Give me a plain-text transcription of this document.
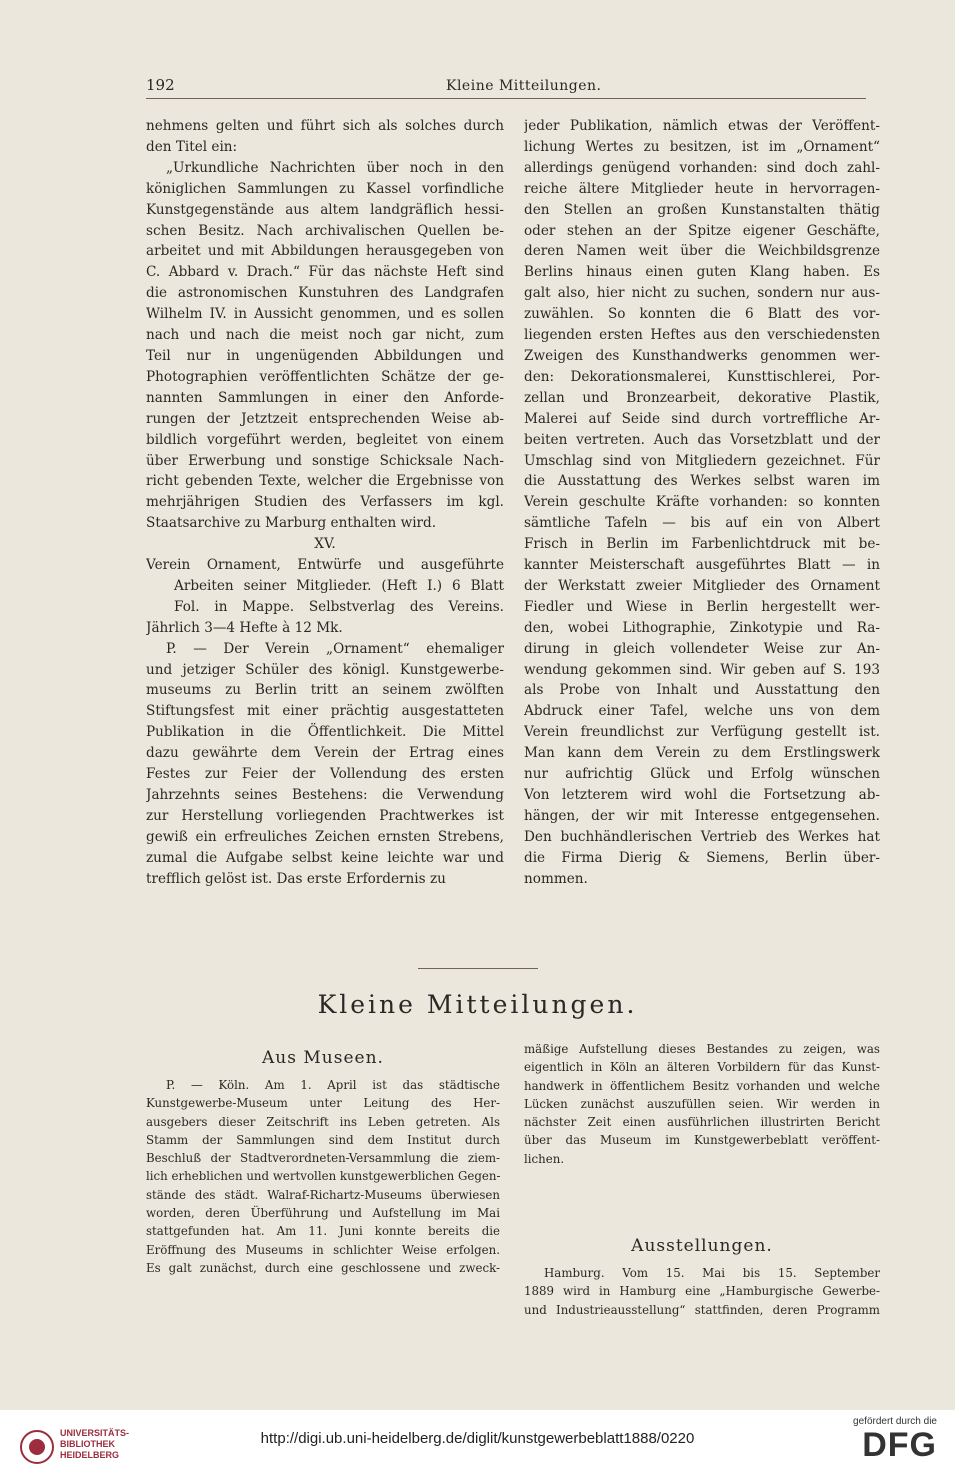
192	Kleine Mitteilungen.
nehmens gelten und führt sich als solches durch
den Titel ein:
„Urkundliche Nachrichten über noch in den
königlichen Sammlungen zu Kassel vorfindliche
Kunstgegenstände aus altem landgräflich hessi-
schen Besitz. Nach archivalischen Quellen be-
arbeitet und mit Abbildungen herausgegeben von
C. Abbard v. Drach.“ Für das nächste Heft sind
die astronomischen Kunstuhren des Landgrafen
Wilhelm IV. in Aussicht genommen, und es sollen
nach und nach die meist noch gar nicht, zum
Teil nur in ungenügenden Abbildungen und
Photographien veröffentlichten Schätze der ge-
nannten Sammlungen in einer den Anforde-
rungen der Jetztzeit entsprechenden Weise ab-
bildlich vorgeführt werden, begleitet von einem
über Erwerbung und sonstige Schicksale Nach-
richt gebenden Texte, welcher die Ergebnisse von
mehrjährigen Studien des Verfassers im kgl.
Staatsarchive zu Marburg enthalten wird.
XV.
Verein Ornament, Entwürfe und ausgeführte
Arbeiten seiner Mitglieder. (Heft I.) 6 Blatt
Fol. in Mappe. Selbstverlag des Vereins.
Jährlich 3—4 Hefte à 12 Mk.
P. — Der Verein „Ornament“ ehemaliger
und jetziger Schüler des königl. Kunstgewerbe-
museums zu Berlin tritt an seinem zwölften
Stiftungsfest mit einer prächtig ausgestatteten
Publikation in die Öffentlichkeit. Die Mittel
dazu gewährte dem Verein der Ertrag eines
Festes zur Feier der Vollendung des ersten
Jahrzehnts seines Bestehens: die Verwendung
zur Herstellung vorliegenden Prachtwerkes ist
gewiß ein erfreuliches Zeichen ernsten Strebens,
zumal die Aufgabe selbst keine leichte war und
trefflich gelöst ist. Das erste Erfordernis zu
jeder Publikation, nämlich etwas der Veröffent-
lichung Wertes zu besitzen, ist im „Ornament“
allerdings genügend vorhanden: sind doch zahl-
reiche ältere Mitglieder heute in hervorragen-
den Stellen an großen Kunstanstalten thätig
oder stehen an der Spitze eigener Geschäfte,
deren Namen weit über die Weichbildsgrenze
Berlins hinaus einen guten Klang haben. Es
galt also, hier nicht zu suchen, sondern nur aus-
zuwählen. So konnten die 6 Blatt des vor-
liegenden ersten Heftes aus den verschiedensten
Zweigen des Kunsthandwerks genommen wer-
den: Dekorationsmalerei, Kunsttischlerei, Por-
zellan und Bronzearbeit, dekorative Plastik,
Malerei auf Seide sind durch vortreffliche Ar-
beiten vertreten. Auch das Vorsetzblatt und der
Umschlag sind von Mitgliedern gezeichnet. Für
die Ausstattung des Werkes selbst waren im
Verein geschulte Kräfte vorhanden: so konnten
sämtliche Tafeln — bis auf ein von Albert
Frisch in Berlin im Farbenlichtdruck mit be-
kannter Meisterschaft ausgeführtes Blatt — in
der Werkstatt zweier Mitglieder des Ornament
Fiedler und Wiese in Berlin hergestellt wer-
den, wobei Lithographie, Zinkotypie und Ra-
dirung in gleich vollendeter Weise zur An-
wendung gekommen sind. Wir geben auf S. 193
als Probe von Inhalt und Ausstattung den
Abdruck einer Tafel, welche uns von dem
Verein freundlichst zur Verfügung gestellt ist.
Man kann dem Verein zu dem Erstlingswerk
nur aufrichtig Glück und Erfolg wünschen
Von letzterem wird wohl die Fortsetzung ab-
hängen, der wir mit Interesse entgegensehen.
Den buchhändlerischen Vertrieb des Werkes hat
die Firma Dierig & Siemens, Berlin über-
nommen.
Kleine Mitteilungen.
Aus Museen.
P. — Köln. Am 1. April ist das städtische
Kunstgewerbe-Museum unter Leitung des Her-
ausgebers dieser Zeitschrift ins Leben getreten. Als
Stamm der Sammlungen sind dem Institut durch
Beschluß der Stadtverordneten-Versammlung die ziem-
lich erheblichen und wertvollen kunstgewerblichen Gegen-
stände des städt. Walraf-Richartz-Museums überwiesen
worden, deren Überführung und Aufstellung im Mai
stattgefunden hat. Am 11. Juni konnte bereits die
Eröffnung des Museums in schlichter Weise erfolgen.
Es galt zunächst, durch eine geschlossene und zweck-
mäßige Aufstellung dieses Bestandes zu zeigen, was
eigentlich in Köln an älteren Vorbildern für das Kunst-
handwerk in öffentlichem Besitz vorhanden und welche
Lücken zunächst auszufüllen seien. Wir werden in
nächster Zeit einen ausführlichen illustrirten Bericht
über das Museum im Kunstgewerbeblatt veröffent-
lichen.
Ausstellungen.
Hamburg. Vom 15. Mai bis 15. September
1889 wird in Hamburg eine „Hamburgische Gewerbe-
und Industrieausstellung“ stattfinden, deren Programm
UNIVERSITÄTS-
BIBLIOTHEK
HEIDELBERG
http://digi.ub.uni-heidelberg.de/diglit/kunstgewerbeblatt1888/0220
gefördert durch die
DFG
